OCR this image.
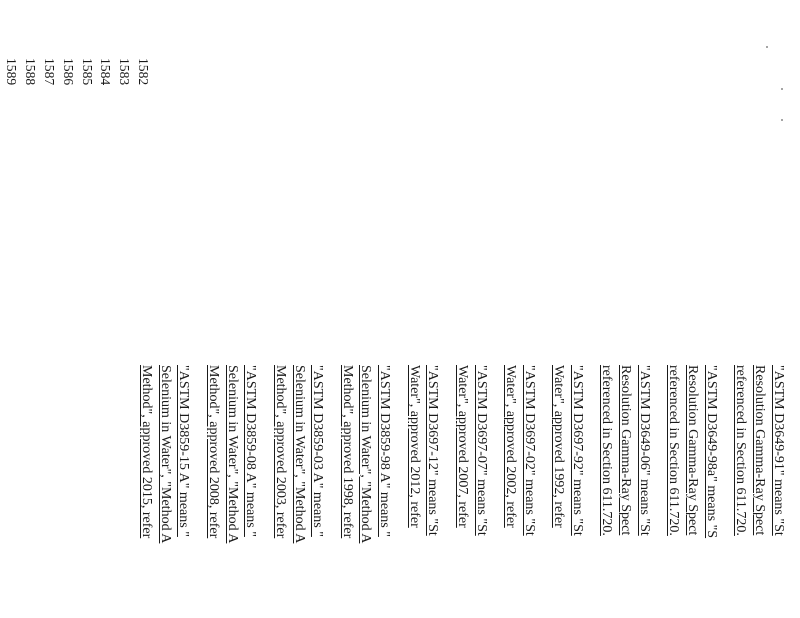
1582
1583
1584
1585
1586
1587
1588
1589
"ASTM D3649-91" means "St
Resolution Gamma-Ray Spect
referenced in Section 611.720.
"ASTM D3649-98a" means "S
Resolution Gamma-Ray Spect
referenced in Section 611.720.
"ASTM D3649-06" means "St
Resolution Gamma-Ray Spect
referenced in Section 611.720.
"ASTM D3697-92" means "St
Water", approved 1992, refer
"ASTM D3697-02" means "St
Water", approved 2002, refer
"ASTM D3697-07" means "St
Water", approved 2007, refer
"ASTM D3697-12" means "St
Water", approved 2012, refer
"ASTM D3859-98 A" means "
Selenium in Water", "Method A
Method", approved 1998, refer
"ASTM D3859-03 A" means "
Selenium in Water", "Method A
Method", approved 2003, refer
"ASTM D3859-08 A" means "
Selenium in Water", "Method A
Method", approved 2008, refer
"ASTM D3859-15 A" means "
Selenium in Water", "Method A
Method", approved 2015, refer
